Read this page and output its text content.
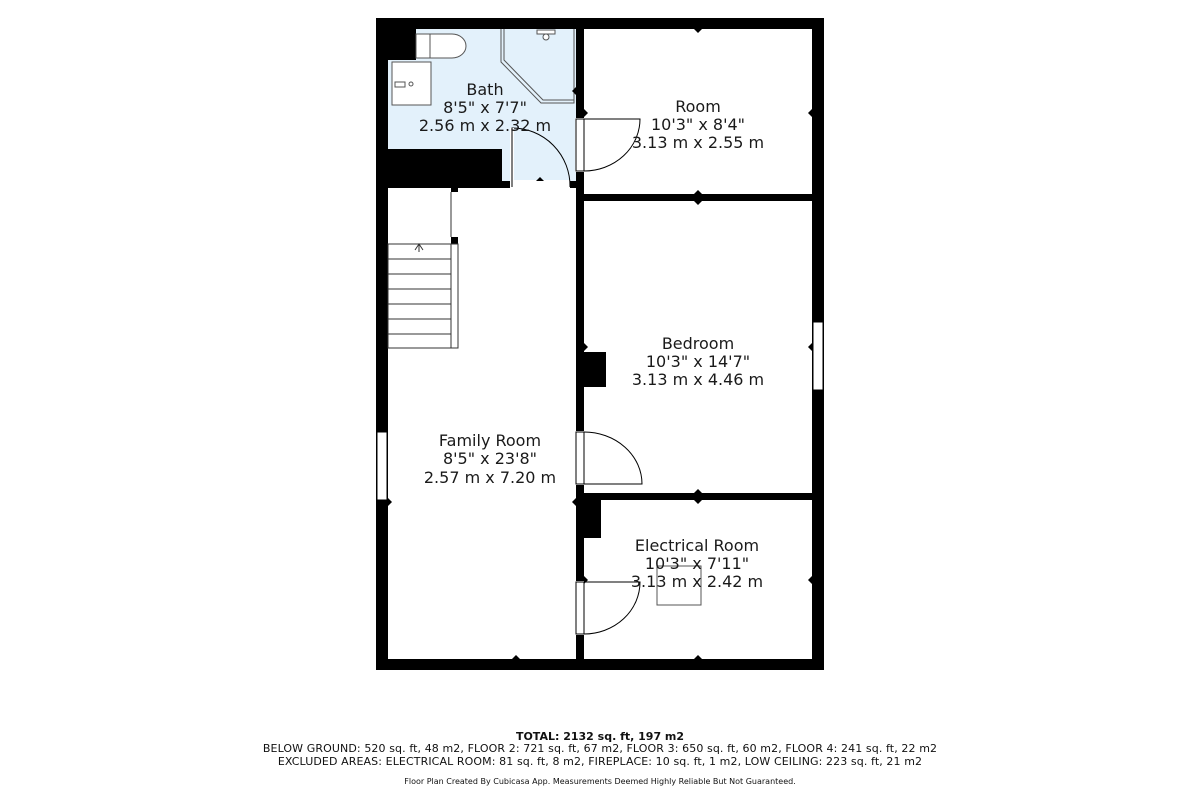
Bath
8'5" x 7'7"
2.56 m x 2.32 m
Room
10'3" x 8'4"
3.13 m x 2.55 m
Bedroom
10'3" x 14'7"
3.13 m x 4.46 m
Family Room
8'5" x 23'8"
2.57 m x 7.20 m
Electrical Room
10'3" x 7'11"
3.13 m x 2.42 m
TOTAL: 2132 sq. ft, 197 m2
BELOW GROUND: 520 sq. ft, 48 m2, FLOOR 2: 721 sq. ft, 67 m2, FLOOR 3: 650 sq. ft, 60 m2, FLOOR 4: 241 sq. ft, 22 m2
EXCLUDED AREAS: ELECTRICAL ROOM: 81 sq. ft, 8 m2, FIREPLACE: 10 sq. ft, 1 m2, LOW CEILING: 223 sq. ft, 21 m2
Floor Plan Created By Cubicasa App. Measurements Deemed Highly Reliable But Not Guaranteed.
